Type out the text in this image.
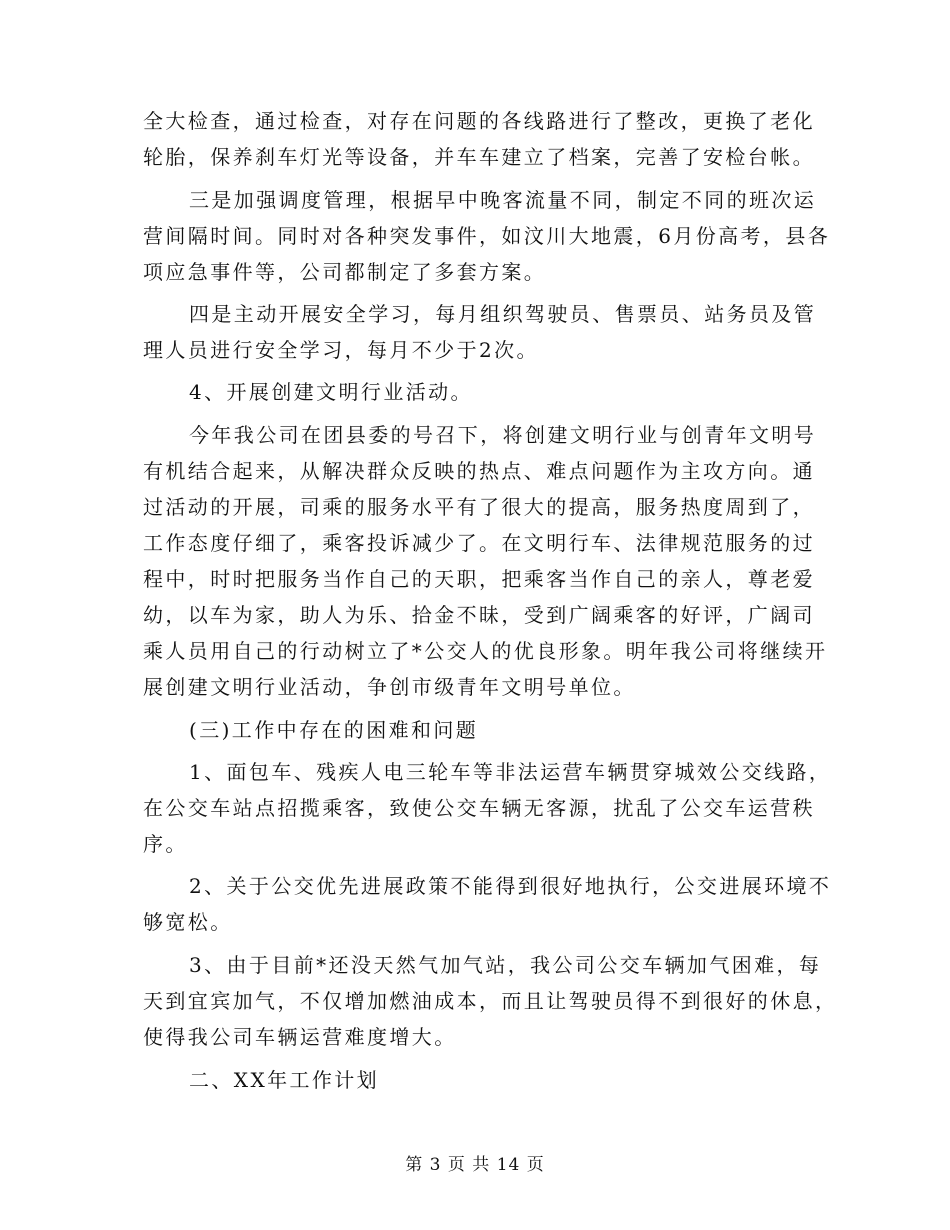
全大检查，通过检查，对存在问题的各线路进行了整改，更换了老化
轮胎，保养刹车灯光等设备，并车车建立了档案，完善了安检台帐。
三是加强调度管理，根据早中晚客流量不同，制定不同的班次运
营间隔时间。同时对各种突发事件，如汶川大地震，6月份高考，县各
项应急事件等，公司都制定了多套方案。
四是主动开展安全学习，每月组织驾驶员、售票员、站务员及管
理人员进行安全学习，每月不少于2次。
4、开展创建文明行业活动。
今年我公司在团县委的号召下，将创建文明行业与创青年文明号
有机结合起来，从解决群众反映的热点、难点问题作为主攻方向。通
过活动的开展，司乘的服务水平有了很大的提高，服务热度周到了，
工作态度仔细了，乘客投诉减少了。在文明行车、法律规范服务的过
程中，时时把服务当作自己的天职，把乘客当作自己的亲人，尊老爱
幼，以车为家，助人为乐、拾金不昧，受到广阔乘客的好评，广阔司
乘人员用自己的行动树立了*公交人的优良形象。明年我公司将继续开
展创建文明行业活动，争创市级青年文明号单位。
(三)工作中存在的困难和问题
1、面包车、残疾人电三轮车等非法运营车辆贯穿城效公交线路，
在公交车站点招揽乘客，致使公交车辆无客源，扰乱了公交车运营秩
序。
2、关于公交优先进展政策不能得到很好地执行，公交进展环境不
够宽松。
3、由于目前*还没天然气加气站，我公司公交车辆加气困难，每
天到宜宾加气，不仅增加燃油成本，而且让驾驶员得不到很好的休息，
使得我公司车辆运营难度增大。
二、XX年工作计划
第 3 页 共 14 页
